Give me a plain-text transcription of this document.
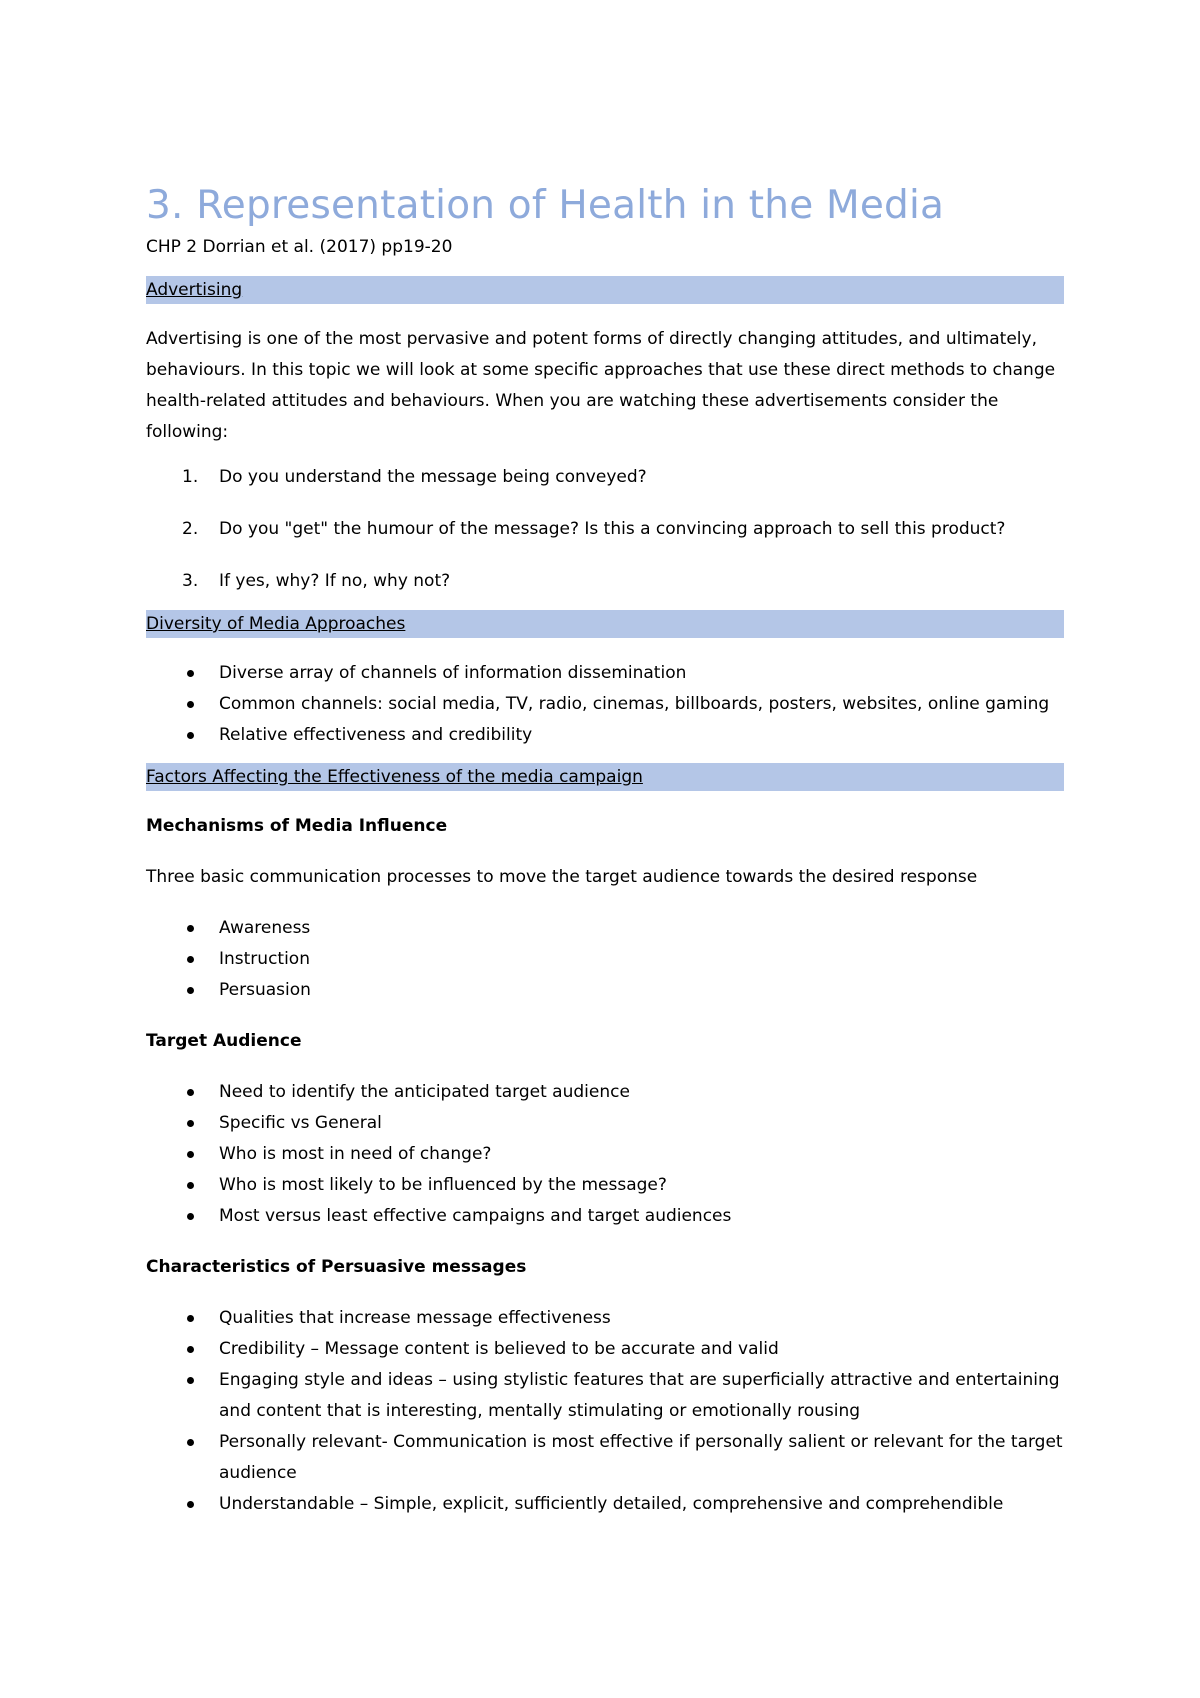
3. Representation of Health in the Media

CHP 2 Dorrian et al. (2017) pp19-20

Advertising

Advertising is one of the most pervasive and potent forms of directly changing attitudes, and ultimately, behaviours. In this topic we will look at some specific approaches that use these direct methods to change health-related attitudes and behaviours. When you are watching these advertisements consider the following:

1. Do you understand the message being conveyed?
2. Do you "get" the humour of the message? Is this a convincing approach to sell this product?
3. If yes, why? If no, why not?
Diversity of Media Approaches
Diverse array of channels of information dissemination
Common channels: social media, TV, radio, cinemas, billboards, posters, websites, online gaming
Relative effectiveness and credibility
Factors Affecting the Effectiveness of the media campaign

Mechanisms of Media Influence

Three basic communication processes to move the target audience towards the desired response

Awareness
Instruction
Persuasion

Target Audience

Need to identify the anticipated target audience
Specific vs General
Who is most in need of change?
Who is most likely to be influenced by the message?
Most versus least effective campaigns and target audiences

Characteristics of Persuasive messages

Qualities that increase message effectiveness
Credibility – Message content is believed to be accurate and valid
Engaging style and ideas – using stylistic features that are superficially attractive and entertaining and content that is interesting, mentally stimulating or emotionally rousing
Personally relevant- Communication is most effective if personally salient or relevant for the target audience
Understandable – Simple, explicit, sufficiently detailed, comprehensive and comprehendible
